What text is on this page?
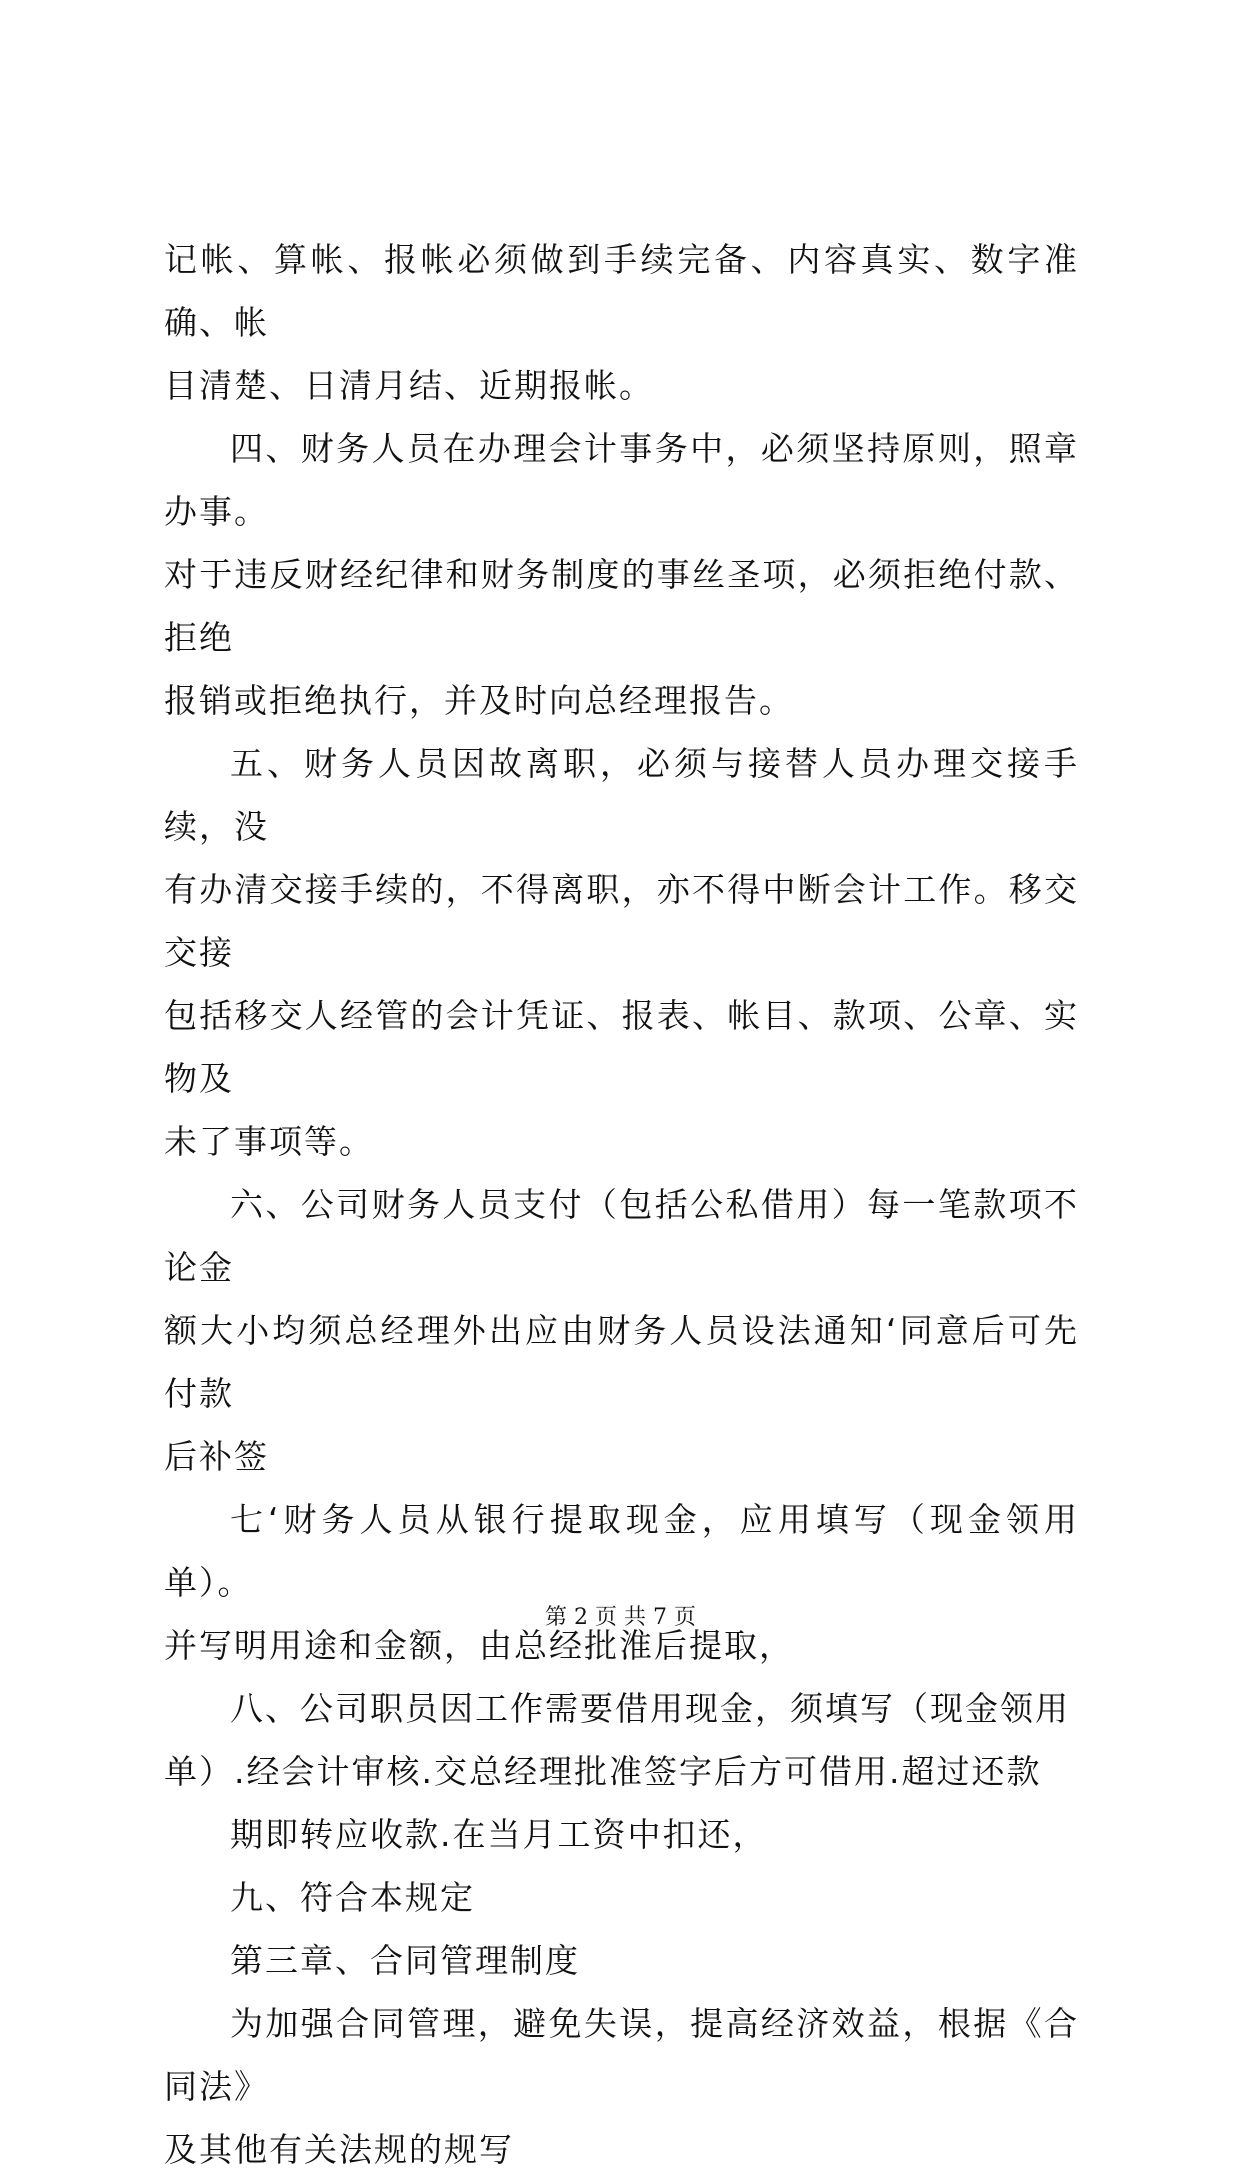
记帐、算帐、报帐必须做到手续完备、内容真实、数字准确、帐
目清楚、日清月结、近期报帐。

四、财务人员在办理会计事务中，必须坚持原则，照章办事。
对于违反财经纪律和财务制度的事丝圣项，必须拒绝付款、拒绝
报销或拒绝执行，并及时向总经理报告。

五、财务人员因故离职，必须与接替人员办理交接手续，没
有办清交接手续的，不得离职，亦不得中断会计工作。移交交接
包括移交人经管的会计凭证、报表、帐目、款项、公章、实物及
未了事项等。

六、公司财务人员支付（包括公私借用）每一笔款项不论金
额大小均须总经理外出应由财务人员设法通知‘同意后可先付款
后补签

七‘财务人员从银行提取现金，应用填写（现金领用单）。
并写明用途和金额，由总经批淮后提取，

八、公司职员因工作需要借用现金，须填写（现金领用
单）.经会计审核.交总经理批准签字后方可借用.超过还款

期即转应收款.在当月工资中扣还，

九、符合本规定

第三章、合同管理制度

为加强合同管理，避免失误，提高经济效益，根据《合同法》
及其他有关法规的规写

第 2 页 共 7 页
